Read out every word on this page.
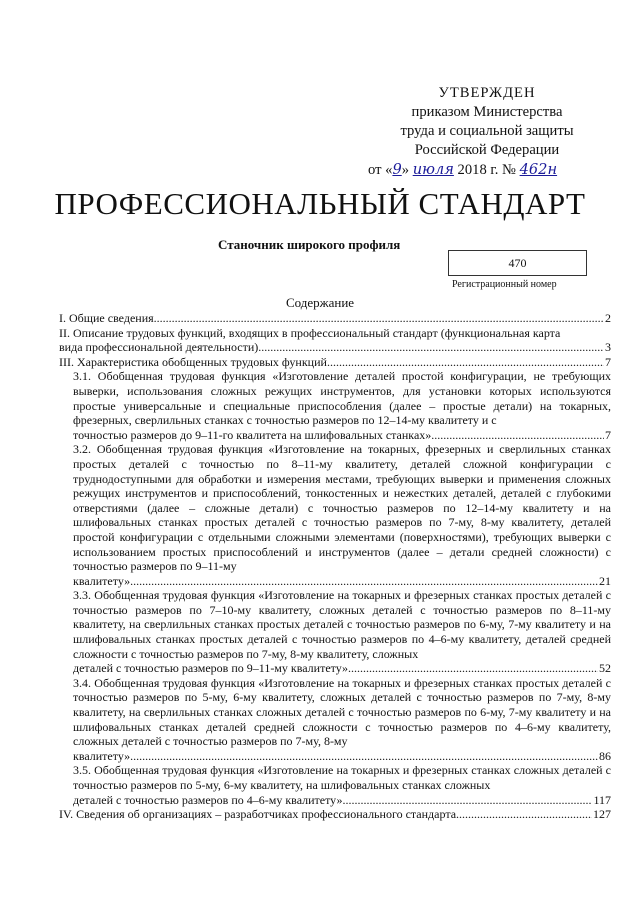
УТВЕРЖДЕН
приказом Министерства
труда и социальной защиты
Российской Федерации
от «9» июля 2018 г. № 462н
ПРОФЕССИОНАЛЬНЫЙ СТАНДАРТ
Станочник широкого профиля
470
Регистрационный номер
Содержание
I. Общие сведения .....	2
II. Описание трудовых функций, входящих в профессиональный стандарт (функциональная карта
вида профессиональной деятельности) .....	3
III. Характеристика обобщенных трудовых функций .....	7
3.1. Обобщенная трудовая функция «Изготовление деталей простой конфигурации, не требующих выверки, использования сложных режущих инструментов, для установки которых используются простые универсальные и специальные приспособления (далее – простые детали) на токарных, фрезерных, сверлильных станках с точностью размеров по 12–14-му квалитету и с
точностью размеров до 9–11-го квалитета на шлифовальных станках» .....	7
3.2. Обобщенная трудовая функция «Изготовление на токарных, фрезерных и сверлильных станках простых деталей с точностью по 8–11-му квалитету, деталей сложной конфигурации с труднодоступными для обработки и измерения местами, требующих выверки и применения сложных режущих инструментов и приспособлений, тонкостенных и нежестких деталей, деталей с глубокими отверстиями (далее – сложные детали) с точностью размеров по 12–14-му квалитету и на шлифовальных станках простых деталей с точностью размеров по 7-му, 8-му квалитету, деталей простой конфигурации с отдельными сложными элементами (поверхностями), требующих выверки с использованием простых приспособлений и инструментов (далее – детали средней сложности) с точностью размеров по 9–11-му
квалитету» .....	21
3.3. Обобщенная трудовая функция «Изготовление на токарных и фрезерных станках простых деталей с точностью размеров по 7–10-му квалитету, сложных деталей с точностью размеров по 8–11-му квалитету, на сверлильных станках простых деталей с точностью размеров по 6-му, 7-му квалитету и на шлифовальных станках простых деталей с точностью размеров по 4–6-му квалитету, деталей средней сложности с точностью размеров по 7-му, 8-му квалитету, сложных
деталей с точностью размеров по 9–11-му квалитету» .....	52
3.4. Обобщенная трудовая функция «Изготовление на токарных и фрезерных станках простых деталей с точностью размеров по 5-му, 6-му квалитету, сложных деталей с точностью размеров по 7-му, 8-му квалитету, на сверлильных станках сложных деталей с точностью размеров по 6-му, 7-му квалитету и на шлифовальных станках деталей средней сложности с точностью размеров по 4–6-му квалитету, сложных деталей с точностью размеров по 7-му, 8-му
квалитету» .....	86
3.5. Обобщенная трудовая функция «Изготовление на токарных и фрезерных станках сложных деталей с точностью размеров по 5-му, 6-му квалитету, на шлифовальных станках сложных
деталей с точностью размеров по 4–6-му квалитету» .....	117
IV. Сведения об организациях – разработчиках профессионального стандарта .....	127
